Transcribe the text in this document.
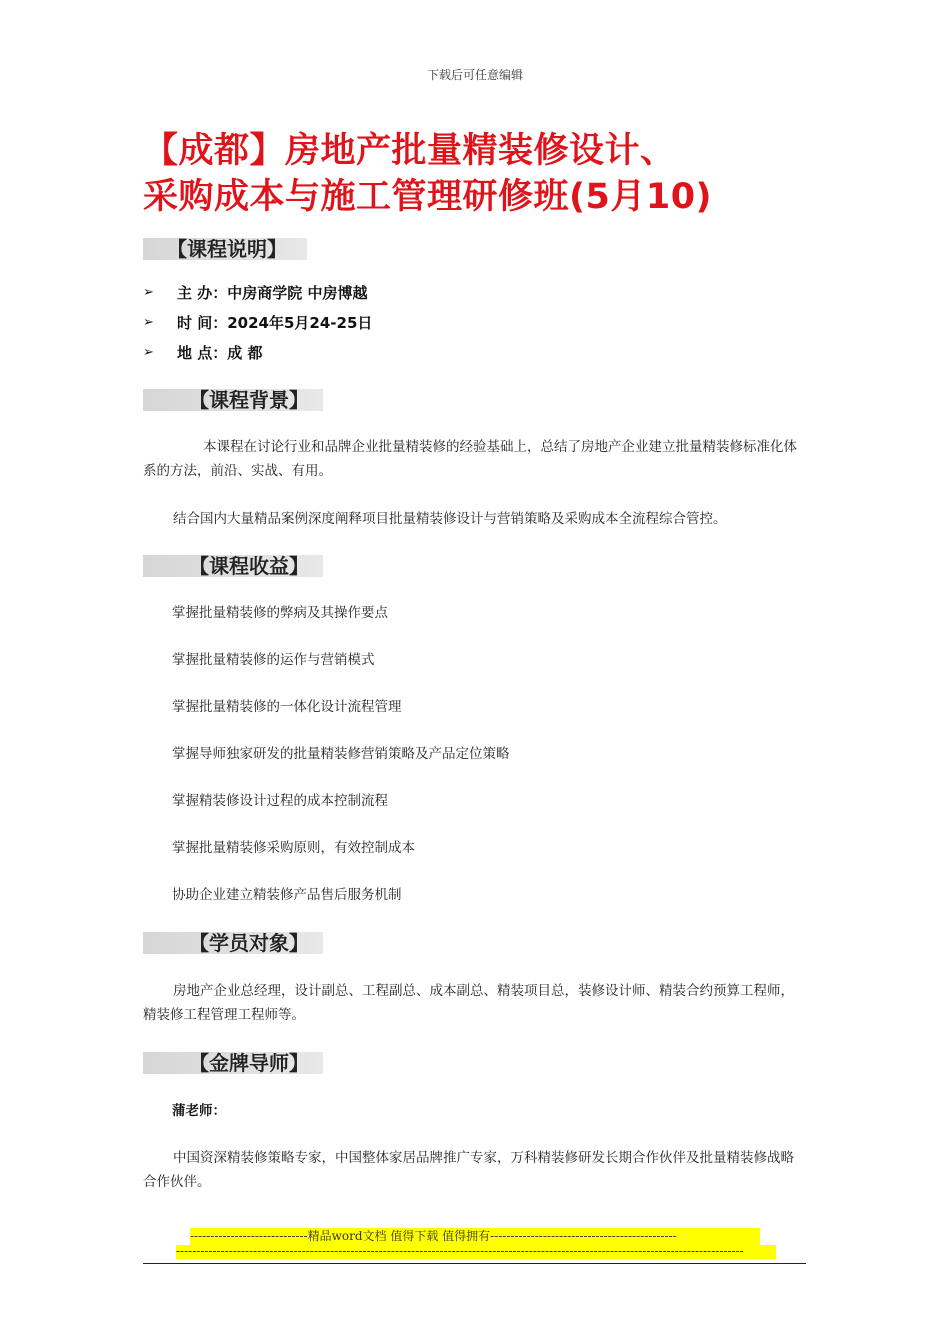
下载后可任意编辑
【成都】房地产批量精装修设计、
采购成本与施工管理研修班(5月10)
【课程说明】
➢	主 办：中房商学院 中房博越
➢	时 间：2024年5月24-25日
➢	地 点：成 都
【课程背景】
本课程在讨论行业和品牌企业批量精装修的经验基础上，总结了房地产企业建立批量精装修标准化体系的方法，前沿、实战、有用。
结合国内大量精品案例深度阐释项目批量精装修设计与营销策略及采购成本全流程综合管控。
【课程收益】
掌握批量精装修的弊病及其操作要点
掌握批量精装修的运作与营销模式
掌握批量精装修的一体化设计流程管理
掌握导师独家研发的批量精装修营销策略及产品定位策略
掌握精装修设计过程的成本控制流程
掌握批量精装修采购原则，有效控制成本
协助企业建立精装修产品售后服务机制
【学员对象】
房地产企业总经理，设计副总、工程副总、成本副总、精装项目总，装修设计师、精装合约预算工程师，精装修工程管理工程师等。
【金牌导师】
蒲老师：
中国资深精装修策略专家，中国整体家居品牌推广专家，万科精装修研发长期合作伙伴及批量精装修战略合作伙伴。
-----------------------------精品word文档 值得下载 值得拥有----------------------------------------------
--------------------------------------------------------------------------------------------------------------------------------------------
